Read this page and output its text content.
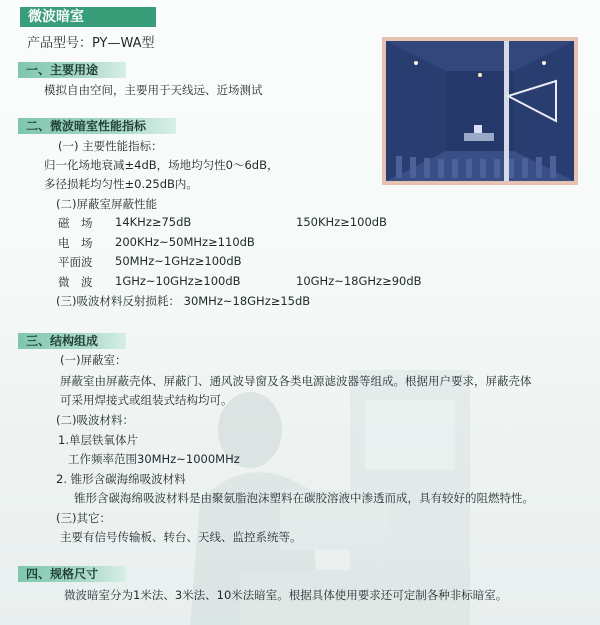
微波暗室
产品型号：PY—WA型
一、主要用途
模拟自由空间，主要用于天线远、近场测试
二、微波暗室性能指标
(一) 主要性能指标：
归一化场地衰减±4dB，场地均匀性0～6dB，
多径损耗均匀性±0.25dB内。
(二)屏蔽室屏蔽性能
磁　场 14KHz≥75dB	150KHz≥100dB
电　场 200KHz~50MHz≥110dB
平面波 50MHz~1GHz≥100dB
微　波 1GHz~10GHz≥100dB	10GHz~18GHz≥90dB
(三)吸波材料反射损耗： 30MHz~18GHz≥15dB
三、结构组成
(一)屏蔽室：
屏蔽室由屏蔽壳体、屏蔽门、通风波导窗及各类电源滤波器等组成。根据用户要求，屏蔽壳体
可采用焊接式或组装式结构均可。
(二)吸波材料：
1.单层铁氧体片
工作频率范围30MHz~1000MHz
2. 锥形含碳海绵吸波材料
锥形含碳海绵吸波材料是由聚氨脂泡沫塑料在碳胶溶液中渗透而成，具有较好的阻燃特性。
(三)其它：
主要有信号传输板、转台、天线、监控系统等。
四、规格尺寸
微波暗室分为1米法、3米法、10米法暗室。根据具体使用要求还可定制各种非标暗室。
